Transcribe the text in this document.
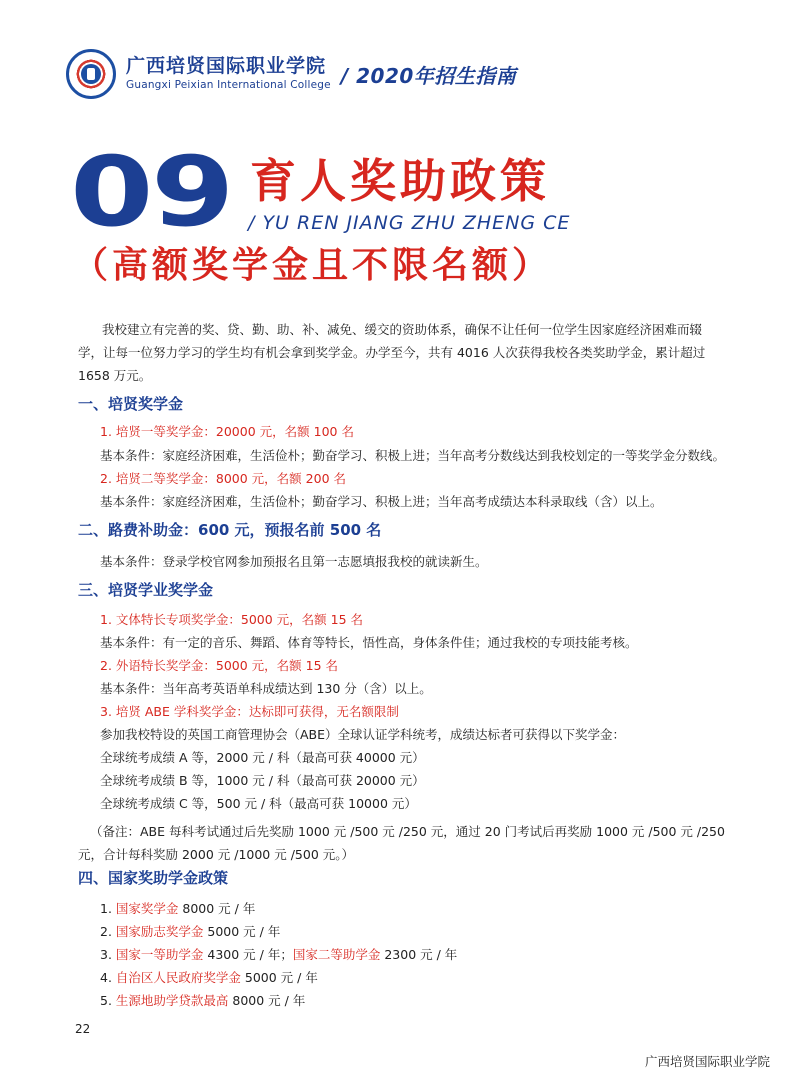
广西培贤国际职业学院
Guangxi Peixian International College / 2020年招生指南
09 育人奖助政策
/ YU REN JIANG ZHU ZHENG CE
（高额奖学金且不限名额）
我校建立有完善的奖、贷、勤、助、补、减免、缓交的资助体系，确保不让任何一位学生因家庭经济困难而辍学，让每一位努力学习的学生均有机会拿到奖学金。办学至今，共有 4016 人次获得我校各类奖助学金，累计超过 1658 万元。
一、培贤奖学金
1. 培贤一等奖学金：20000 元，名额 100 名
基本条件：家庭经济困难，生活俭朴；勤奋学习、积极上进；当年高考分数线达到我校划定的一等奖学金分数线。
2. 培贤二等奖学金：8000 元，名额 200 名
基本条件：家庭经济困难，生活俭朴；勤奋学习、积极上进；当年高考成绩达本科录取线（含）以上。
二、路费补助金：600 元，预报名前 500 名
基本条件：登录学校官网参加预报名且第一志愿填报我校的就读新生。
三、培贤学业奖学金
1. 文体特长专项奖学金：5000 元，名额 15 名
基本条件：有一定的音乐、舞蹈、体育等特长，悟性高，身体条件佳；通过我校的专项技能考核。
2. 外语特长奖学金：5000 元，名额 15 名
基本条件：当年高考英语单科成绩达到 130 分（含）以上。
3. 培贤 ABE 学科奖学金：达标即可获得，无名额限制
参加我校特设的英国工商管理协会（ABE）全球认证学科统考，成绩达标者可获得以下奖学金：
全球统考成绩 A 等，2000 元 / 科（最高可获 40000 元）
全球统考成绩 B 等，1000 元 / 科（最高可获 20000 元）
全球统考成绩 C 等，500 元 / 科（最高可获 10000 元）
（备注：ABE 每科考试通过后先奖励 1000 元 /500 元 /250 元，通过 20 门考试后再奖励 1000 元 /500 元 /250 元，合计每科奖励 2000 元 /1000 元 /500 元。）
四、国家奖助学金政策
1. 国家奖学金 8000 元 / 年
2. 国家励志奖学金 5000 元 / 年
3. 国家一等助学金 4300 元 / 年；国家二等助学金 2300 元 / 年
4. 自治区人民政府奖学金 5000 元 / 年
5. 生源地助学贷款最高 8000 元 / 年
22
广西培贤国际职业学院
